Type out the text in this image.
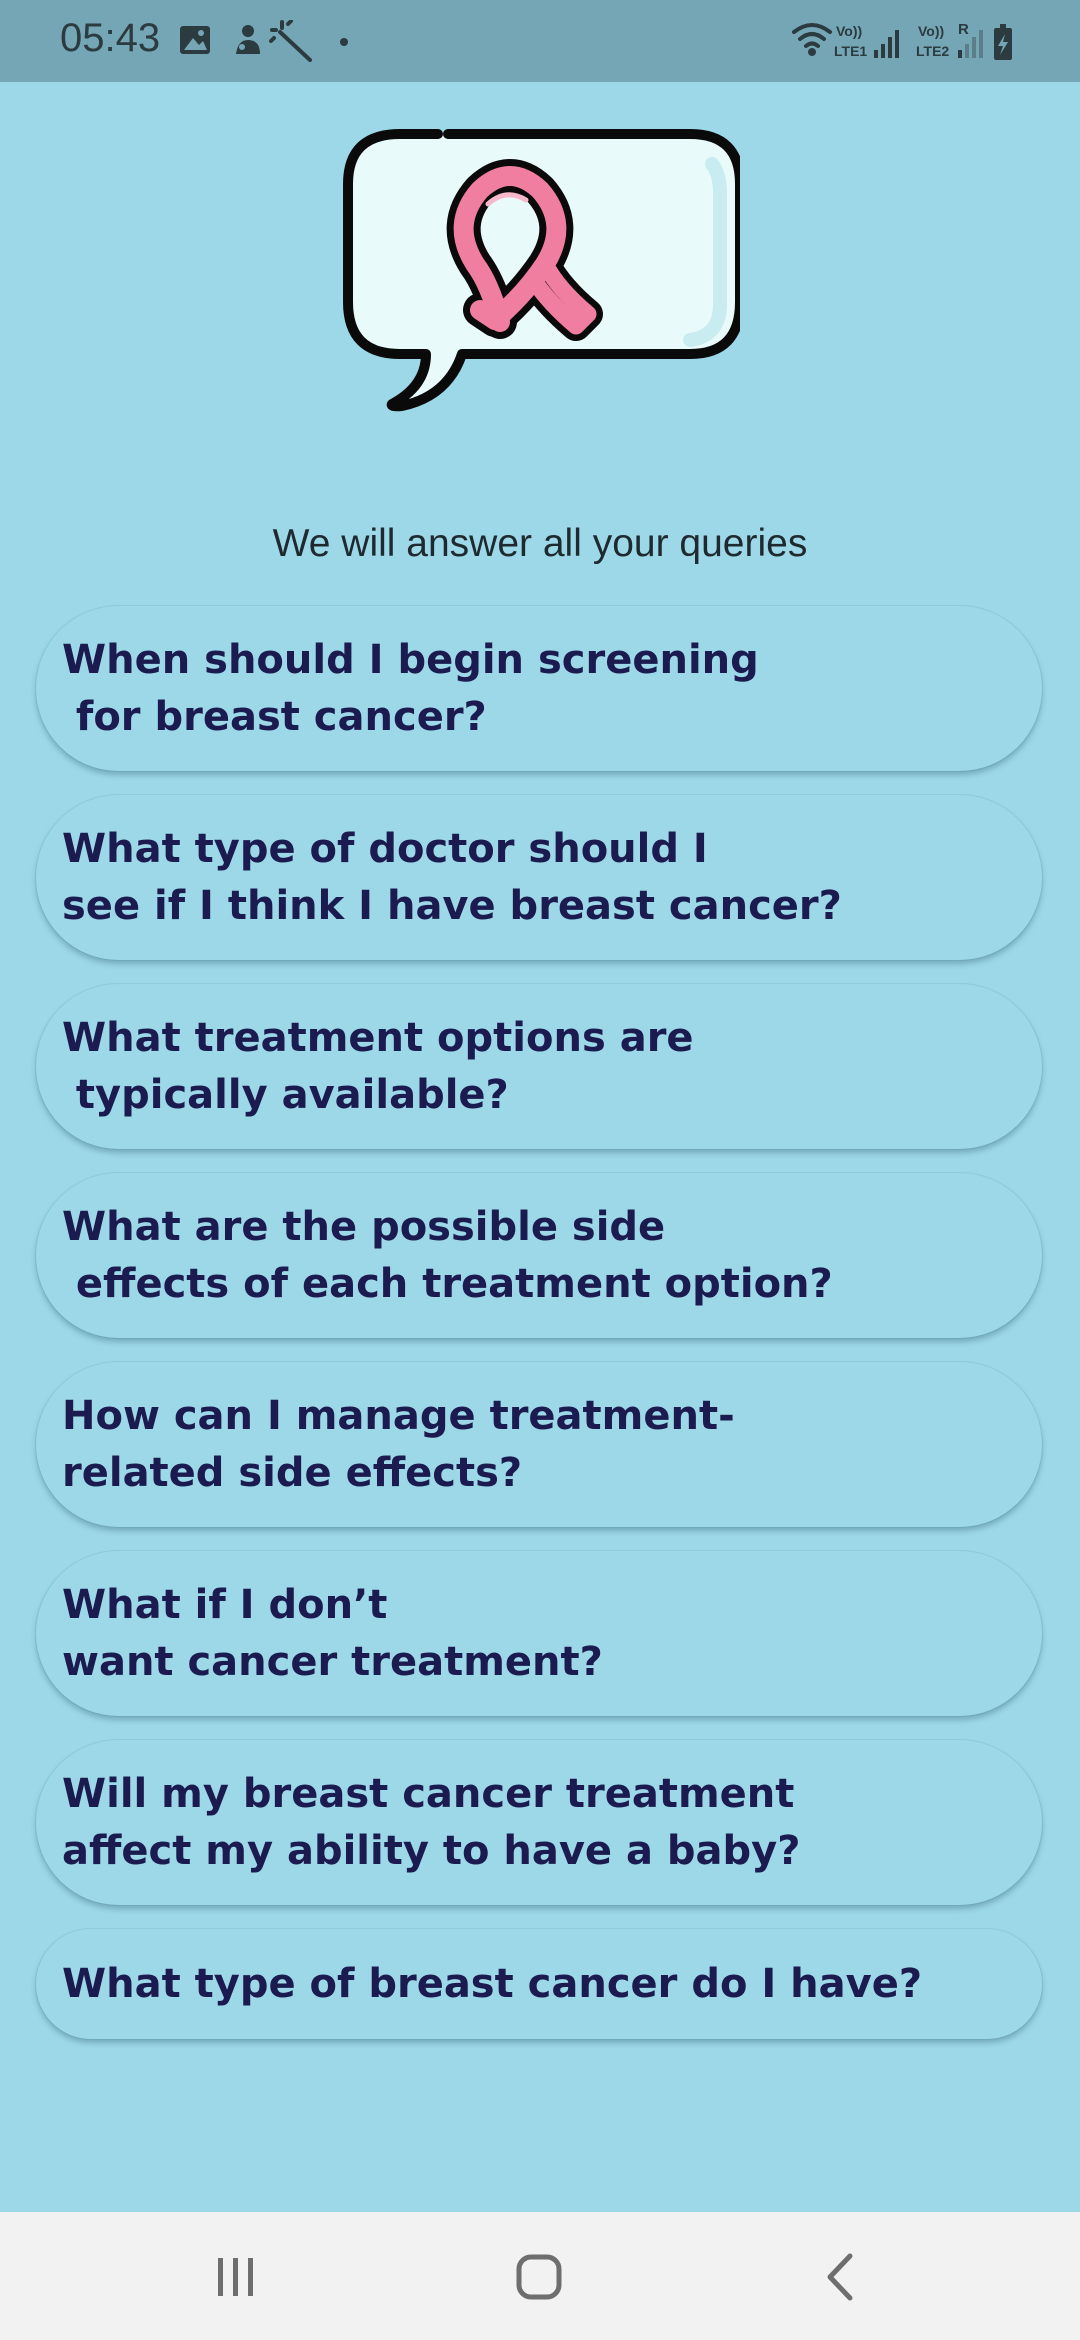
05:43	Vo))
LTE1
Vo))
LTE2
R
We will answer all your queries
When should I begin screening
for breast cancer?
What type of doctor should I
see if I think I have breast cancer?
What treatment options are
typically available?
What are the possible side
effects of each treatment option?
How can I manage treatment-
related side effects?
What if I don’t
want cancer treatment?
Will my breast cancer treatment
affect my ability to have a baby?
What type of breast cancer do I have?
